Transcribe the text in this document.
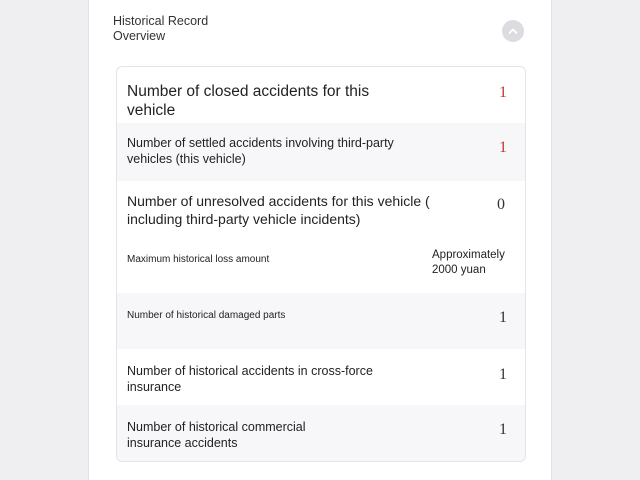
Historical Record
Overview
Number of closed accidents for this vehicle
1
Number of settled accidents involving third-party vehicles (this vehicle)
1
Number of unresolved accidents for this vehicle ( including third-party vehicle incidents)
0
Maximum historical loss amount	Approximately 2000 yuan
Number of historical damaged parts	1
Number of historical accidents in cross-force insurance
1
Number of historical commercial insurance accidents
1
